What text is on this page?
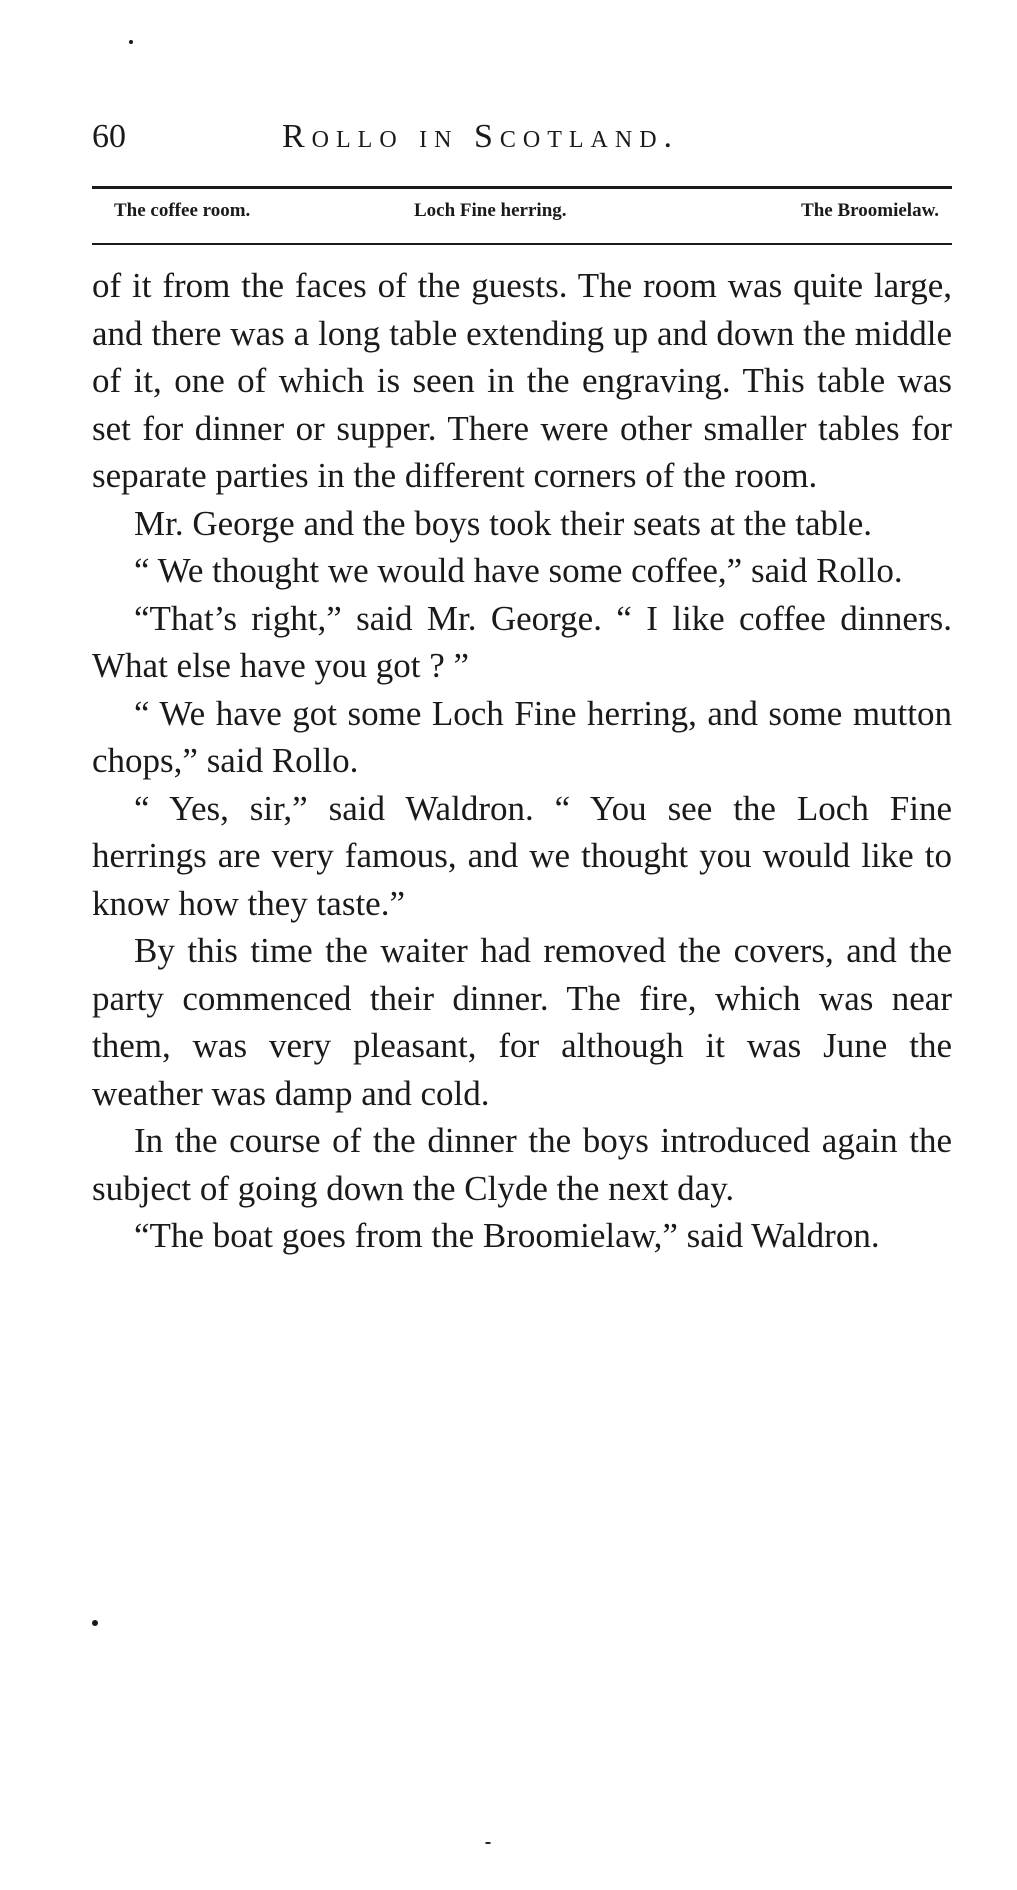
60	Rollo in Scotland.
The coffee room.	Loch Fine herring.	The Broomielaw.

of it from the faces of the guests. The room was quite large, and there was a long table extending up and down the middle of it, one of which is seen in the engraving. This table was set for dinner or supper. There were other smaller tables for separate parties in the different corners of the room.

Mr. George and the boys took their seats at the table.

“ We thought we would have some coffee,” said Rollo.

“That’s right,” said Mr. George. “ I like coffee dinners. What else have you got ? ”

“ We have got some Loch Fine herring, and some mutton chops,” said Rollo.

“ Yes, sir,” said Waldron. “ You see the Loch Fine herrings are very famous, and we thought you would like to know how they taste.”

By this time the waiter had removed the covers, and the party commenced their dinner. The fire, which was near them, was very pleasant, for although it was June the weather was damp and cold.

In the course of the dinner the boys introduced again the subject of going down the Clyde the next day.

“The boat goes from the Broomielaw,” said Waldron.
